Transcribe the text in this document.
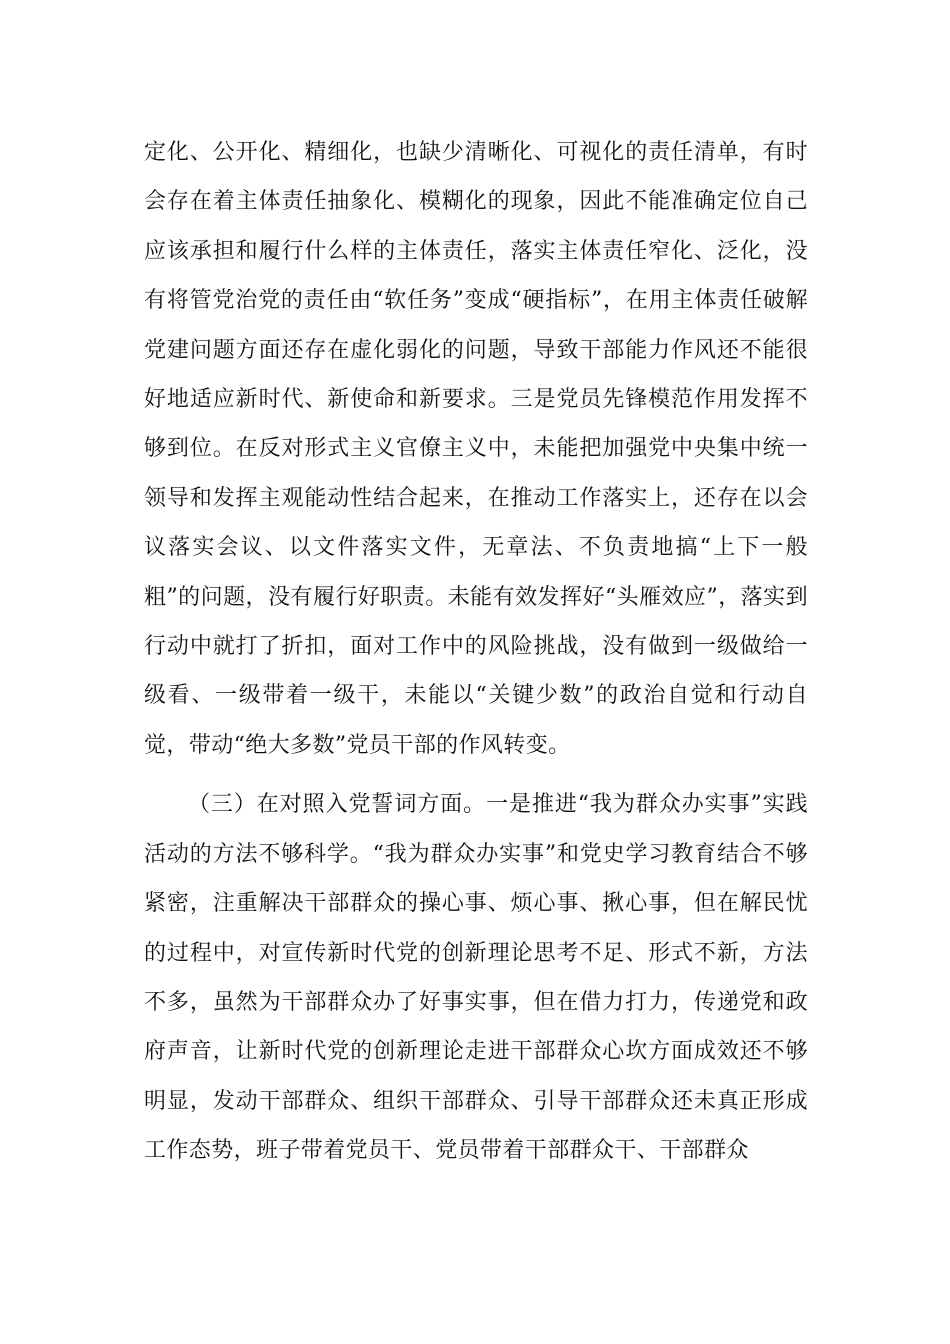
定化、公开化、精细化，也缺少清晰化、可视化的责任清单，有时会存在着主体责任抽象化、模糊化的现象，因此不能准确定位自己应该承担和履行什么样的主体责任，落实主体责任窄化、泛化，没有将管党治党的责任由“软任务”变成“硬指标”，在用主体责任破解党建问题方面还存在虚化弱化的问题，导致干部能力作风还不能很好地适应新时代、新使命和新要求。三是党员先锋模范作用发挥不够到位。在反对形式主义官僚主义中，未能把加强党中央集中统一领导和发挥主观能动性结合起来，在推动工作落实上，还存在以会议落实会议、以文件落实文件，无章法、不负责地搞“上下一般粗”的问题，没有履行好职责。未能有效发挥好“头雁效应”，落实到行动中就打了折扣，面对工作中的风险挑战，没有做到一级做给一级看、一级带着一级干，未能以“关键少数”的政治自觉和行动自觉，带动“绝大多数”党员干部的作风转变。

（三）在对照入党誓词方面。一是推进“我为群众办实事”实践活动的方法不够科学。“我为群众办实事”和党史学习教育结合不够紧密，注重解决干部群众的操心事、烦心事、揪心事，但在解民忧的过程中，对宣传新时代党的创新理论思考不足、形式不新，方法不多，虽然为干部群众办了好事实事，但在借力打力，传递党和政府声音，让新时代党的创新理论走进干部群众心坎方面成效还不够明显，发动干部群众、组织干部群众、引导干部群众还未真正形成工作态势，班子带着党员干、党员带着干部群众干、干部群众
